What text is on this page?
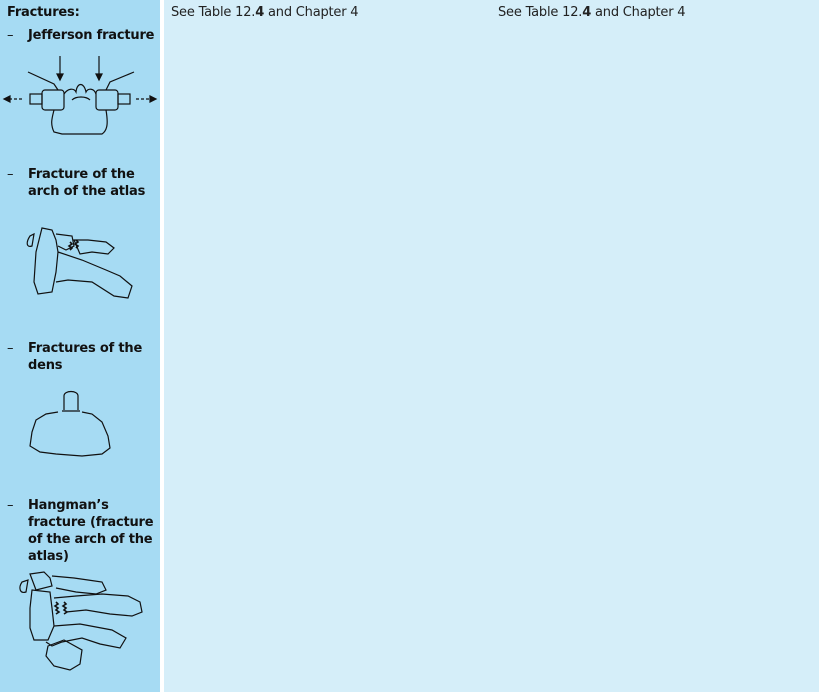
Fractures:
– Jefferson fracture
– Fracture of the arch of the atlas
– Fractures of the dens
– Hangman’s fracture (fracture of the arch of the atlas)
See Table 12.4 and Chapter 4	See Table 12.4 and Chapter 4
